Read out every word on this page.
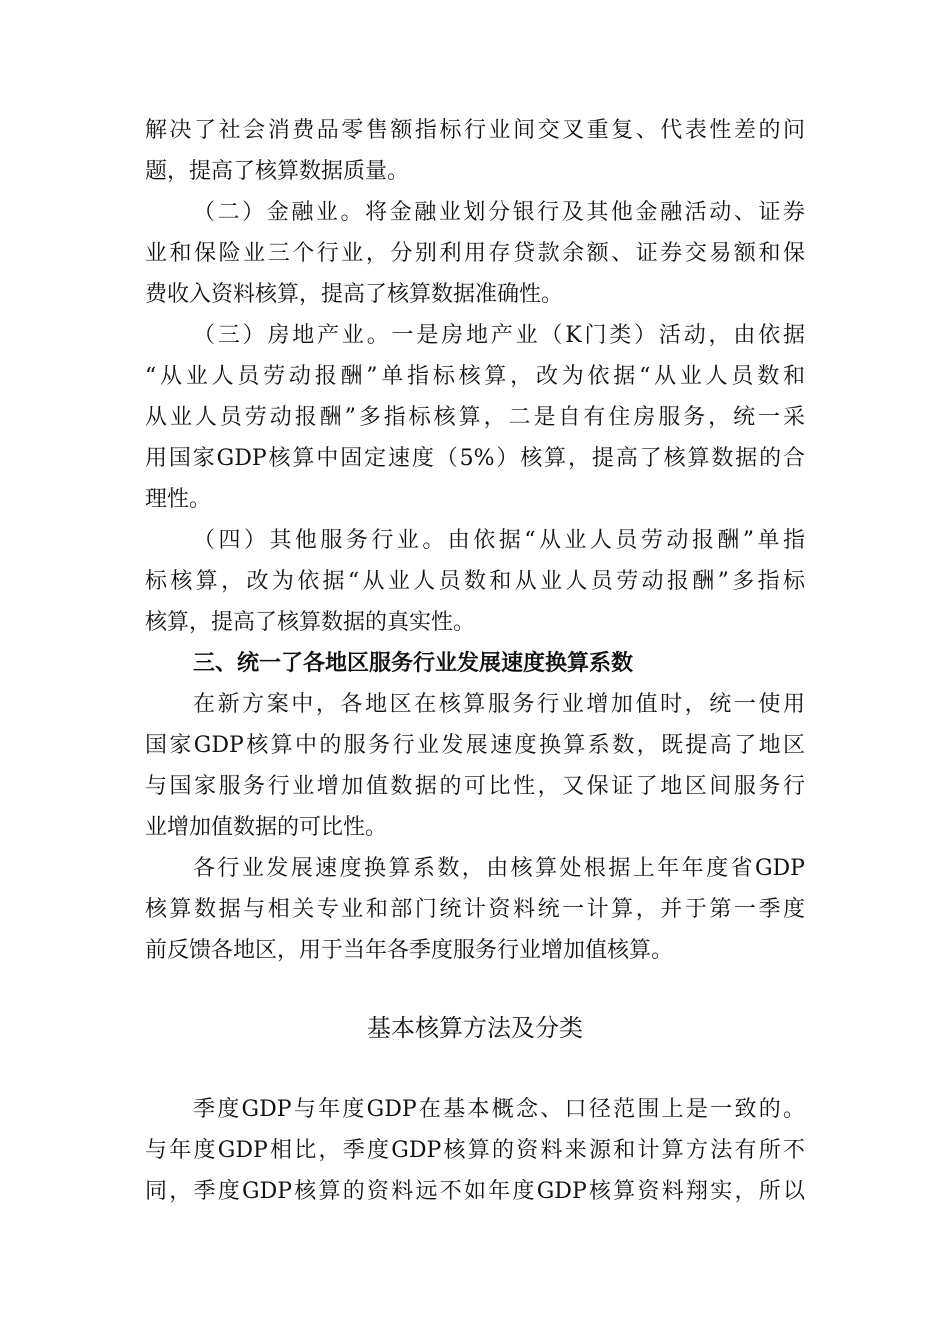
解决了社会消费品零售额指标行业间交叉重复、代表性差的问
题，提高了核算数据质量。
（二）金融业。将金融业划分银行及其他金融活动、证券
业和保险业三个行业，分别利用存贷款余额、证券交易额和保
费收入资料核算，提高了核算数据准确性。
（三）房地产业。一是房地产业（K门类）活动，由依据
“从业人员劳动报酬”单指标核算，改为依据“从业人员数和
从业人员劳动报酬”多指标核算，二是自有住房服务，统一采
用国家GDP核算中固定速度（5%）核算，提高了核算数据的合
理性。
（四）其他服务行业。由依据“从业人员劳动报酬”单指
标核算，改为依据“从业人员数和从业人员劳动报酬”多指标
核算，提高了核算数据的真实性。
三、统一了各地区服务行业发展速度换算系数
在新方案中，各地区在核算服务行业增加值时，统一使用
国家GDP核算中的服务行业发展速度换算系数，既提高了地区
与国家服务行业增加值数据的可比性，又保证了地区间服务行
业增加值数据的可比性。
各行业发展速度换算系数，由核算处根据上年年度省GDP
核算数据与相关专业和部门统计资料统一计算，并于第一季度
前反馈各地区，用于当年各季度服务行业增加值核算。
基本核算方法及分类
季度GDP与年度GDP在基本概念、口径范围上是一致的。
与年度GDP相比，季度GDP核算的资料来源和计算方法有所不
同，季度GDP核算的资料远不如年度GDP核算资料翔实，所以
